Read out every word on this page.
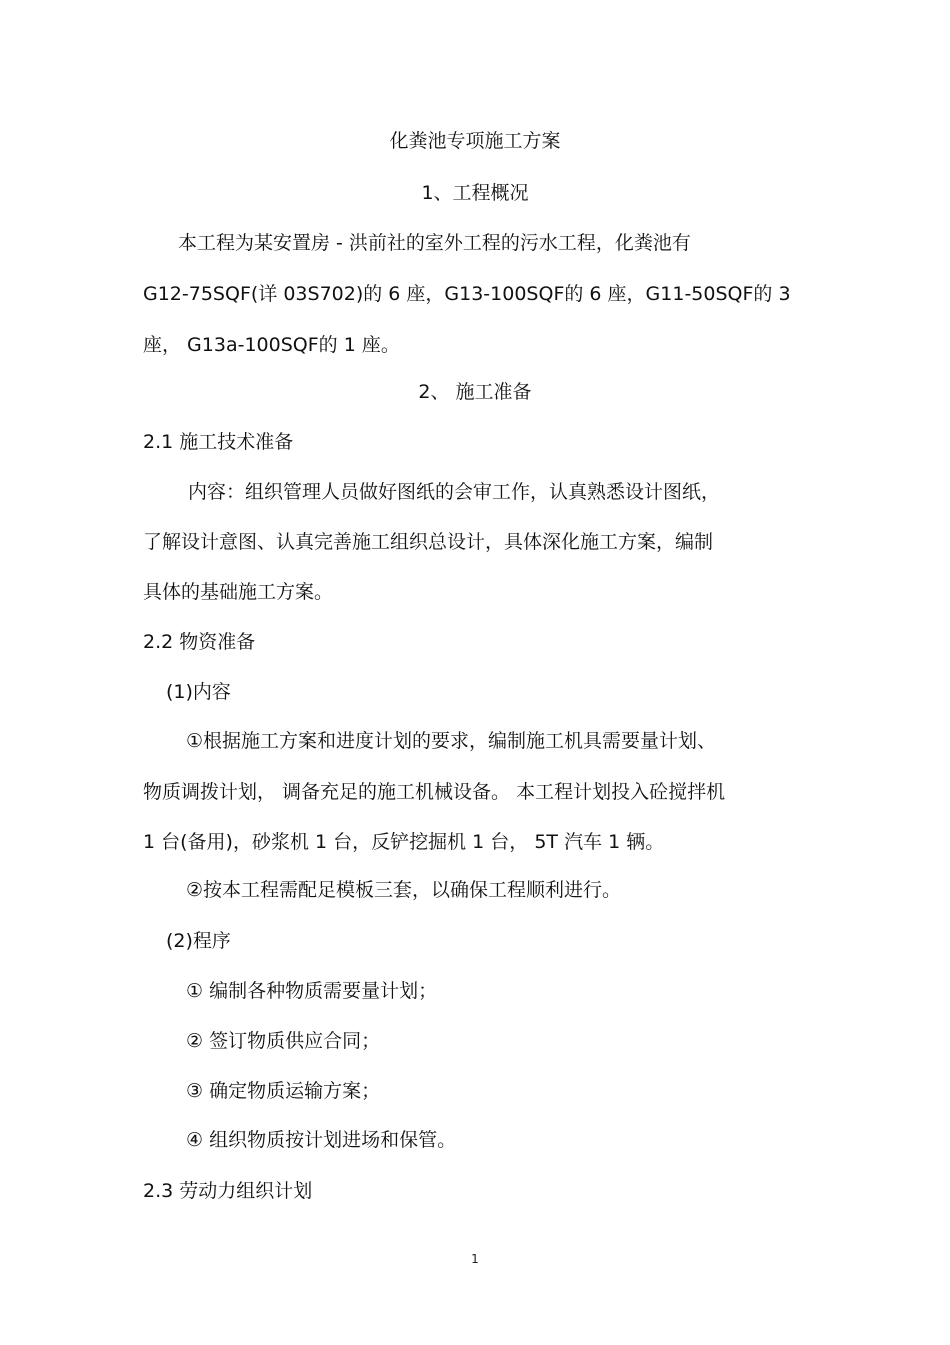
化粪池专项施工方案

1、工程概况

本工程为某安置房 - 洪前社的室外工程的污水工程，化粪池有

G12-75SQF(详 03S702)的 6 座，G13-100SQF的 6 座，G11-50SQF的 3

座， G13a-100SQF的 1 座。

2、 施工准备

2.1 施工技术准备

内容：组织管理人员做好图纸的会审工作，认真熟悉设计图纸，

了解设计意图、认真完善施工组织总设计，具体深化施工方案，编制

具体的基础施工方案。

2.2 物资准备

(1)内容

①根据施工方案和进度计划的要求，编制施工机具需要量计划、

物质调拨计划， 调备充足的施工机械设备。 本工程计划投入砼搅拌机

1 台(备用)，砂浆机 1 台，反铲挖掘机 1 台， 5T 汽车 1 辆。

②按本工程需配足模板三套，以确保工程顺利进行。

(2)程序

① 编制各种物质需要量计划；

② 签订物质供应合同；

③ 确定物质运输方案；

④ 组织物质按计划进场和保管。

2.3 劳动力组织计划

1
